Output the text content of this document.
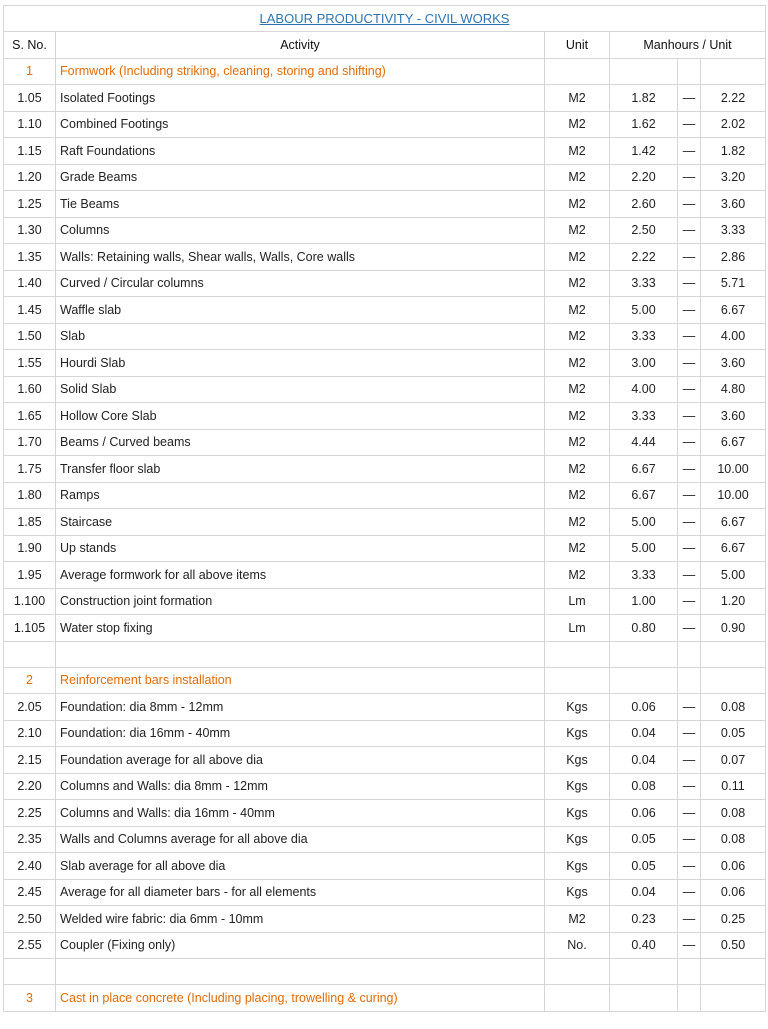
LABOUR PRODUCTIVITY - CIVIL WORKS					
S. No.	Activity	Unit	Manhours / Unit		
1	Formwork (Including striking, cleaning, storing and shifting)				
1.05	Isolated Footings	M2	1.82	—	2.22
1.10	Combined Footings	M2	1.62	—	2.02
1.15	Raft Foundations	M2	1.42	—	1.82
1.20	Grade Beams	M2	2.20	—	3.20
1.25	Tie Beams	M2	2.60	—	3.60
1.30	Columns	M2	2.50	—	3.33
1.35	Walls: Retaining walls, Shear walls, Walls, Core walls	M2	2.22	—	2.86
1.40	Curved / Circular columns	M2	3.33	—	5.71
1.45	Waffle slab	M2	5.00	—	6.67
1.50	Slab	M2	3.33	—	4.00
1.55	Hourdi Slab	M2	3.00	—	3.60
1.60	Solid Slab	M2	4.00	—	4.80
1.65	Hollow Core Slab	M2	3.33	—	3.60
1.70	Beams / Curved beams	M2	4.44	—	6.67
1.75	Transfer floor slab	M2	6.67	—	10.00
1.80	Ramps	M2	6.67	—	10.00
1.85	Staircase	M2	5.00	—	6.67
1.90	Up stands	M2	5.00	—	6.67
1.95	Average formwork for all above items	M2	3.33	—	5.00
1.100	Construction joint formation	Lm	1.00	—	1.20
1.105	Water stop fixing	Lm	0.80	—	0.90

2	Reinforcement bars installation				
2.05	Foundation: dia 8mm - 12mm	Kgs	0.06	—	0.08
2.10	Foundation: dia 16mm - 40mm	Kgs	0.04	—	0.05
2.15	Foundation average for all above dia	Kgs	0.04	—	0.07
2.20	Columns and Walls: dia 8mm - 12mm	Kgs	0.08	—	0.11
2.25	Columns and Walls: dia 16mm - 40mm	Kgs	0.06	—	0.08
2.35	Walls and Columns average for all above dia	Kgs	0.05	—	0.08
2.40	Slab average for all above dia	Kgs	0.05	—	0.06
2.45	Average for all diameter bars - for all elements	Kgs	0.04	—	0.06
2.50	Welded wire fabric: dia 6mm - 10mm	M2	0.23	—	0.25
2.55	Coupler (Fixing only)	No.	0.40	—	0.50

3	Cast in place concrete (Including placing, trowelling & curing)				
